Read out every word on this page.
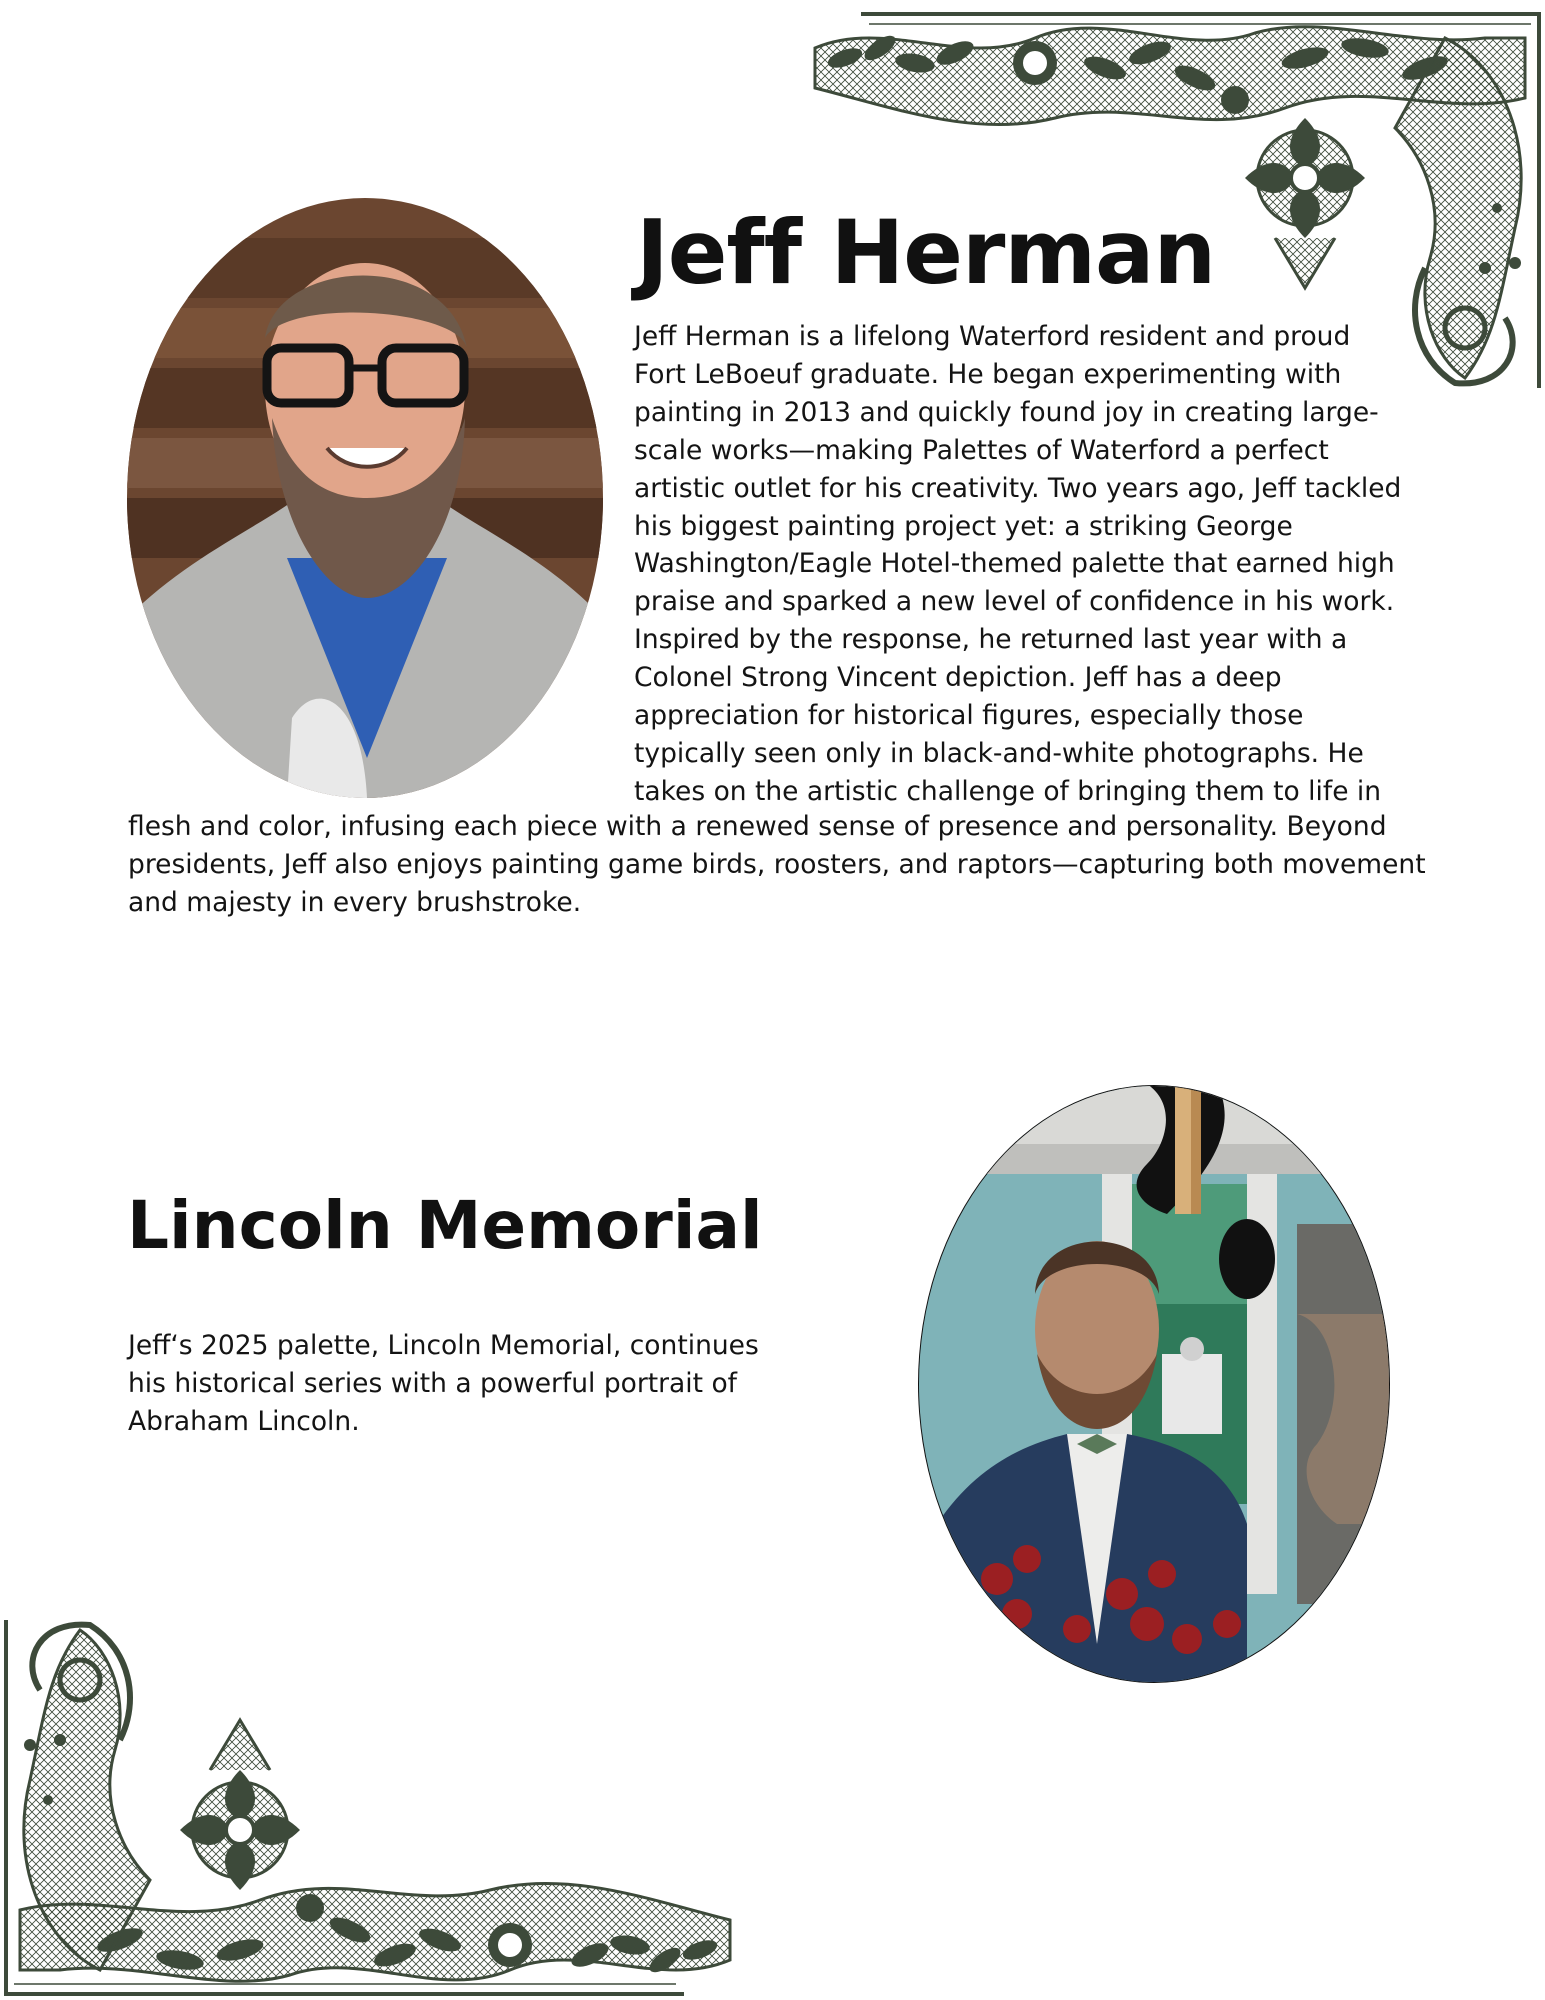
Jeff Herman

Jeff Herman is a lifelong Waterford resident and proud
Fort LeBoeuf graduate. He began experimenting with
painting in 2013 and quickly found joy in creating large-
scale works—making Palettes of Waterford a perfect
artistic outlet for his creativity. Two years ago, Jeff tackled
his biggest painting project yet: a striking George
Washington/Eagle Hotel-themed palette that earned high
praise and sparked a new level of confidence in his work.
Inspired by the response, he returned last year with a
Colonel Strong Vincent depiction. Jeff has a deep
appreciation for historical figures, especially those
typically seen only in black-and-white photographs. He
takes on the artistic challenge of bringing them to life in

flesh and color, infusing each piece with a renewed sense of presence and personality. Beyond
presidents, Jeff also enjoys painting game birds, roosters, and raptors—capturing both movement
and majesty in every brushstroke.

Lincoln Memorial

Jeff‘s 2025 palette, Lincoln Memorial, continues
his historical series with a powerful portrait of
Abraham Lincoln.
